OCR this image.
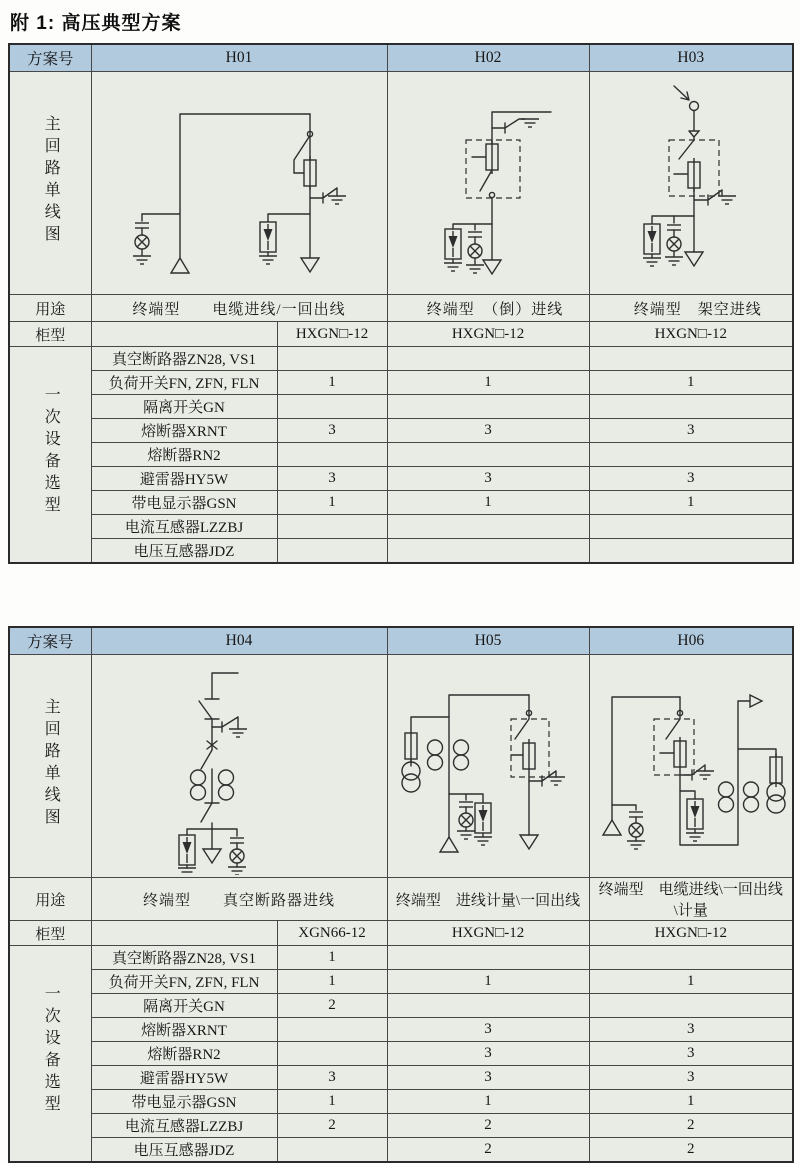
附 1: 高压典型方案
方案号	H01		H02	H03
主回路单线图	

用途	终端型　　电缆进线/一回出线		终端型　（倒）进线	终端型　架空进线
柜型		HXGN□-12	HXGN□-12	HXGN□-12
一次设备选型	真空断路器ZN28, VS1			
	负荷开关FN, ZFN, FLN	1	1	1
	隔离开关GN			
	熔断器XRNT	3	3	3
	熔断器RN2			
	避雷器HY5W	3	3	3
	带电显示器GSN	1	1	1
	电流互感器LZZBJ			
	电压互感器JDZ			
方案号	H04		H05	H06
主回路单线图	

用途	终端型　　真空断路器进线		终端型　进线计量\一回出线	终端型　电缆进线\一回出线\计量
柜型		XGN66-12	HXGN□-12	HXGN□-12
一次设备选型	真空断路器ZN28, VS1	1		
	负荷开关FN, ZFN, FLN	1	1	1
	隔离开关GN	2		
	熔断器XRNT		3	3
	熔断器RN2		3	3
	避雷器HY5W	3	3	3
	带电显示器GSN	1	1	1
	电流互感器LZZBJ	2	2	2
	电压互感器JDZ		2	2
